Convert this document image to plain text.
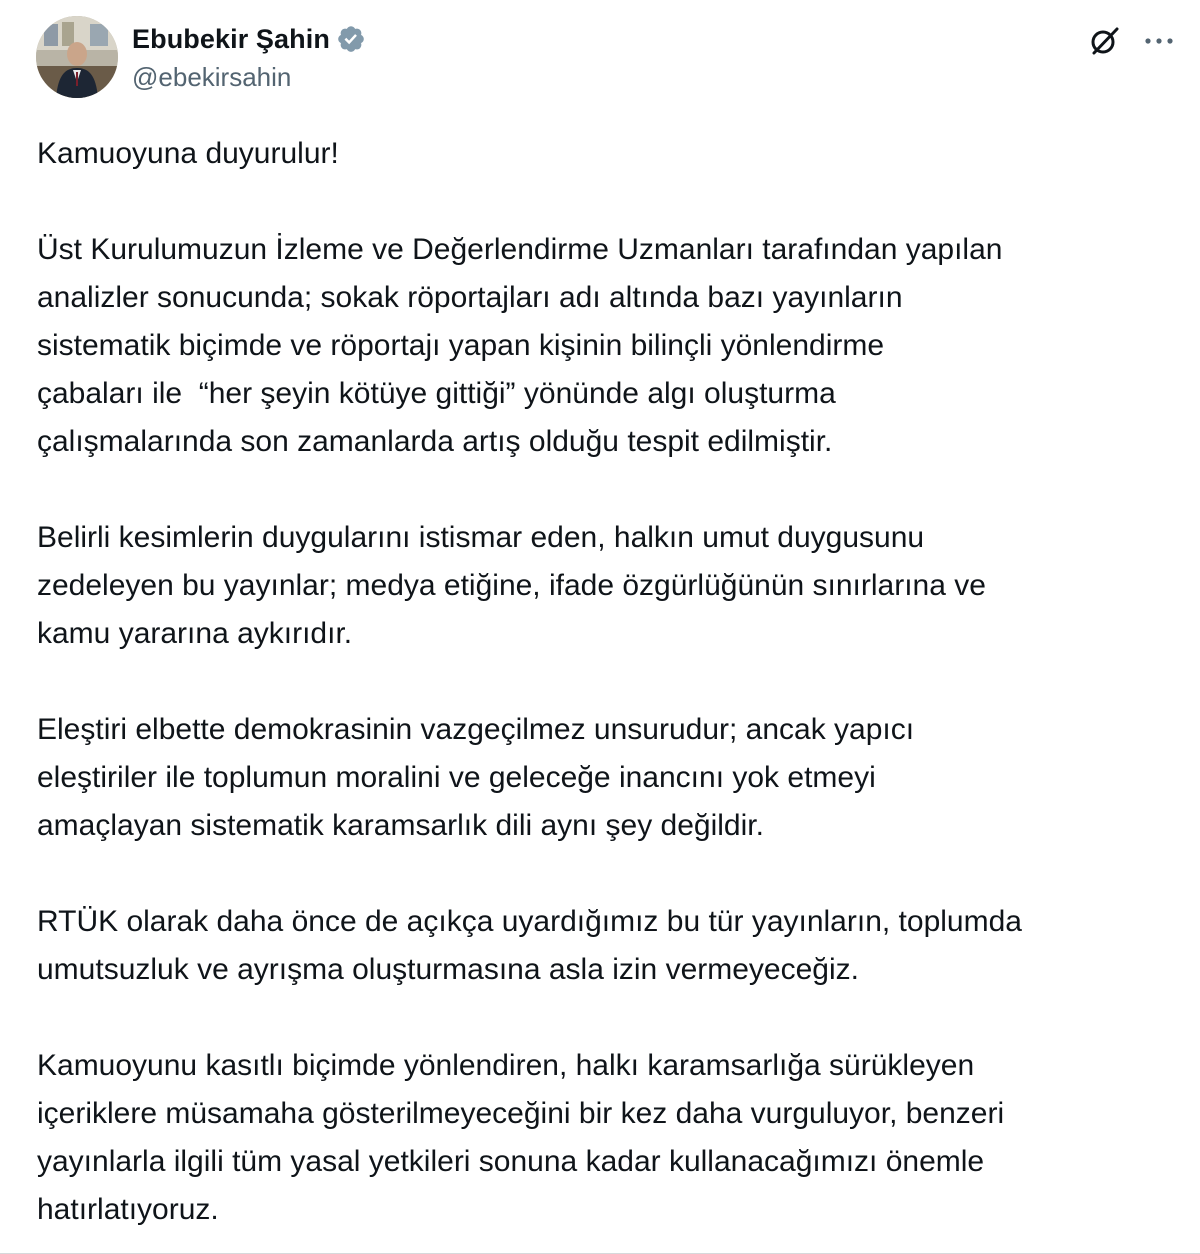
Ebubekir Şahin
@ebekirsahin

Kamuoyuna duyurulur!

Üst Kurulumuzun İzleme ve Değerlendirme Uzmanları tarafından yapılan
analizler sonucunda; sokak röportajları adı altında bazı yayınların
sistematik biçimde ve röportajı yapan kişinin bilinçli yönlendirme
çabaları ile  “her şeyin kötüye gittiği” yönünde algı oluşturma
çalışmalarında son zamanlarda artış olduğu tespit edilmiştir.

Belirli kesimlerin duygularını istismar eden, halkın umut duygusunu
zedeleyen bu yayınlar; medya etiğine, ifade özgürlüğünün sınırlarına ve
kamu yararına aykırıdır.

Eleştiri elbette demokrasinin vazgeçilmez unsurudur; ancak yapıcı
eleştiriler ile toplumun moralini ve geleceğe inancını yok etmeyi
amaçlayan sistematik karamsarlık dili aynı şey değildir.

RTÜK olarak daha önce de açıkça uyardığımız bu tür yayınların, toplumda
umutsuzluk ve ayrışma oluşturmasına asla izin vermeyeceğiz.

Kamuoyunu kasıtlı biçimde yönlendiren, halkı karamsarlığa sürükleyen
içeriklere müsamaha gösterilmeyeceğini bir kez daha vurguluyor, benzeri
yayınlarla ilgili tüm yasal yetkileri sonuna kadar kullanacağımızı önemle
hatırlatıyoruz.
